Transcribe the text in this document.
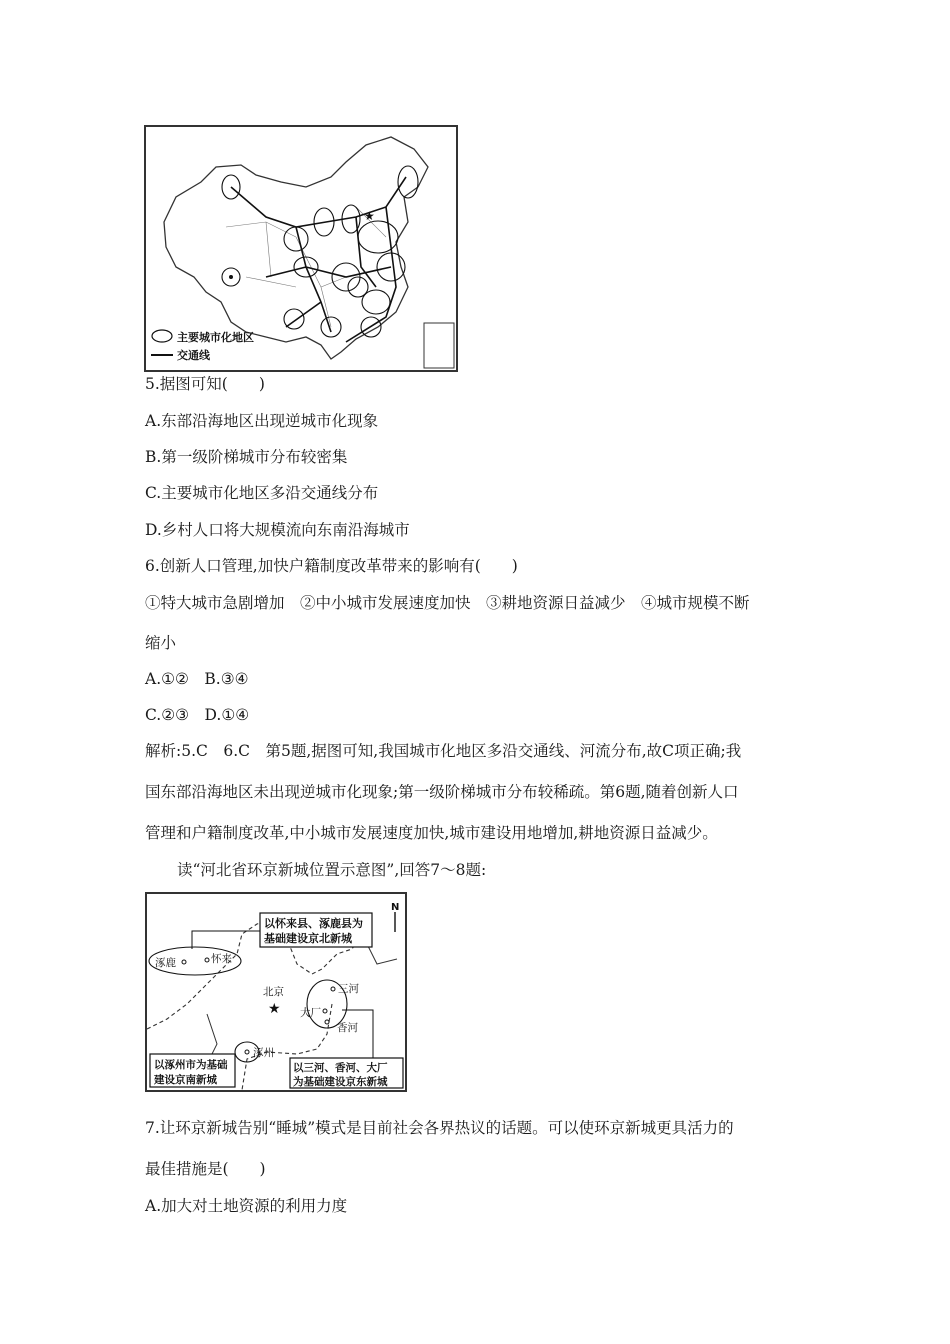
★
主要城市化地区
交通线
5.据图可知(　　)
A.东部沿海地区出现逆城市化现象
B.第一级阶梯城市分布较密集
C.主要城市化地区多沿交通线分布
D.乡村人口将大规模流向东南沿海城市
6.创新人口管理,加快户籍制度改革带来的影响有(　　)
①特大城市急剧增加　②中小城市发展速度加快　③耕地资源日益减少　④城市规模不断
缩小
A.①②　B.③④
C.②③　D.①④
解析:5.C　6.C　第5题,据图可知,我国城市化地区多沿交通线、河流分布,故C项正确;我
国东部沿海地区未出现逆城市化现象;第一级阶梯城市分布较稀疏。第6题,随着创新人口
管理和户籍制度改革,中小城市发展速度加快,城市建设用地增加,耕地资源日益减少。
读“河北省环京新城位置示意图”,回答7～8题:
N
以怀来县、涿鹿县为
基础建设京北新城
涿鹿	怀来
北京
★
三河
大厂
香河
涿州
以涿州市为基础
建设京南新城
以三河、香河、大厂
为基础建设京东新城
7.让环京新城告别“睡城”模式是目前社会各界热议的话题。可以使环京新城更具活力的
最佳措施是(　　)
A.加大对土地资源的利用力度
